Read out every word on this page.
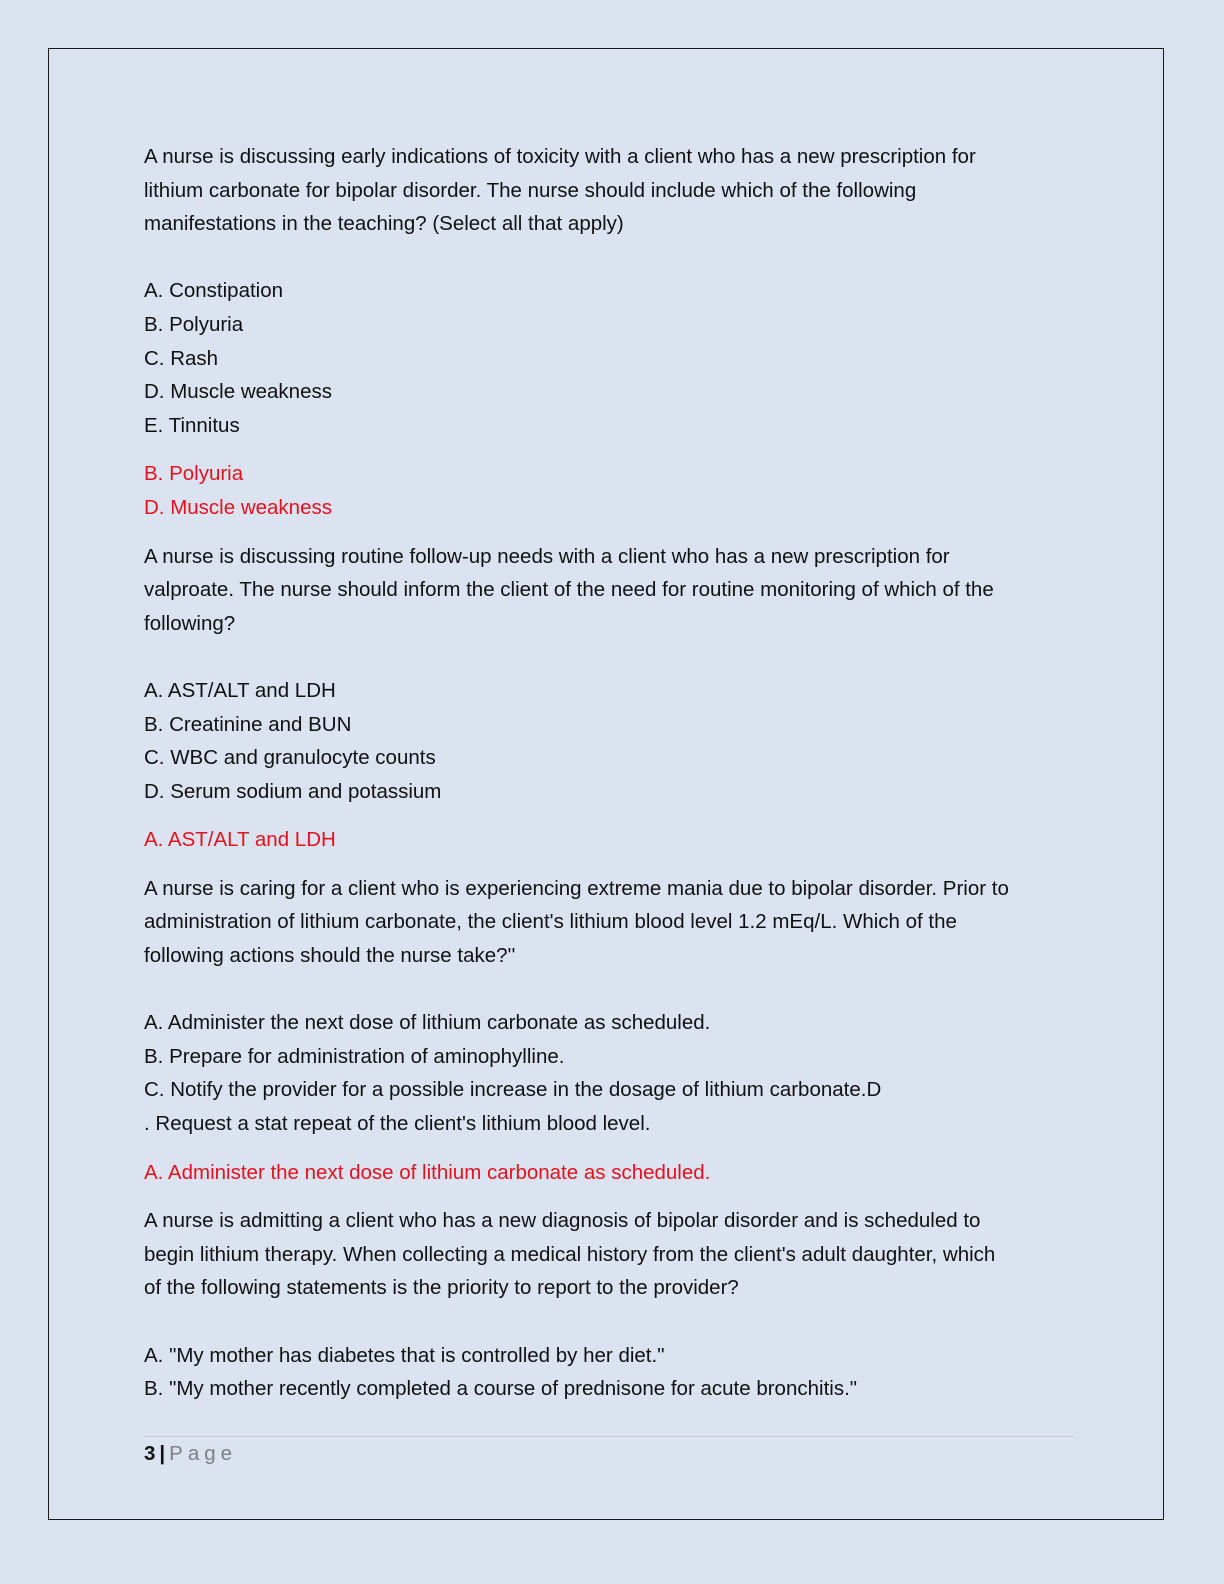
A nurse is discussing early indications of toxicity with a client who has a new prescription for
lithium carbonate for bipolar disorder. The nurse should include which of the following
manifestations in the teaching? (Select all that apply)
A. Constipation
B. Polyuria
C. Rash
D. Muscle weakness
E. Tinnitus
B. Polyuria
D. Muscle weakness
A nurse is discussing routine follow-up needs with a client who has a new prescription for
valproate. The nurse should inform the client of the need for routine monitoring of which of the
following?
A. AST/ALT and LDH
B. Creatinine and BUN
C. WBC and granulocyte counts
D. Serum sodium and potassium
A. AST/ALT and LDH
A nurse is caring for a client who is experiencing extreme mania due to bipolar disorder. Prior to
administration of lithium carbonate, the client's lithium blood level 1.2 mEq/L. Which of the
following actions should the nurse take?''
A. Administer the next dose of lithium carbonate as scheduled.
B. Prepare for administration of aminophylline.
C. Notify the provider for a possible increase in the dosage of lithium carbonate.D
. Request a stat repeat of the client's lithium blood level.
A. Administer the next dose of lithium carbonate as scheduled.
A nurse is admitting a client who has a new diagnosis of bipolar disorder and is scheduled to
begin lithium therapy. When collecting a medical history from the client's adult daughter, which
of the following statements is the priority to report to the provider?
A. "My mother has diabetes that is controlled by her diet."
B. "My mother recently completed a course of prednisone for acute bronchitis."
3 | Page
